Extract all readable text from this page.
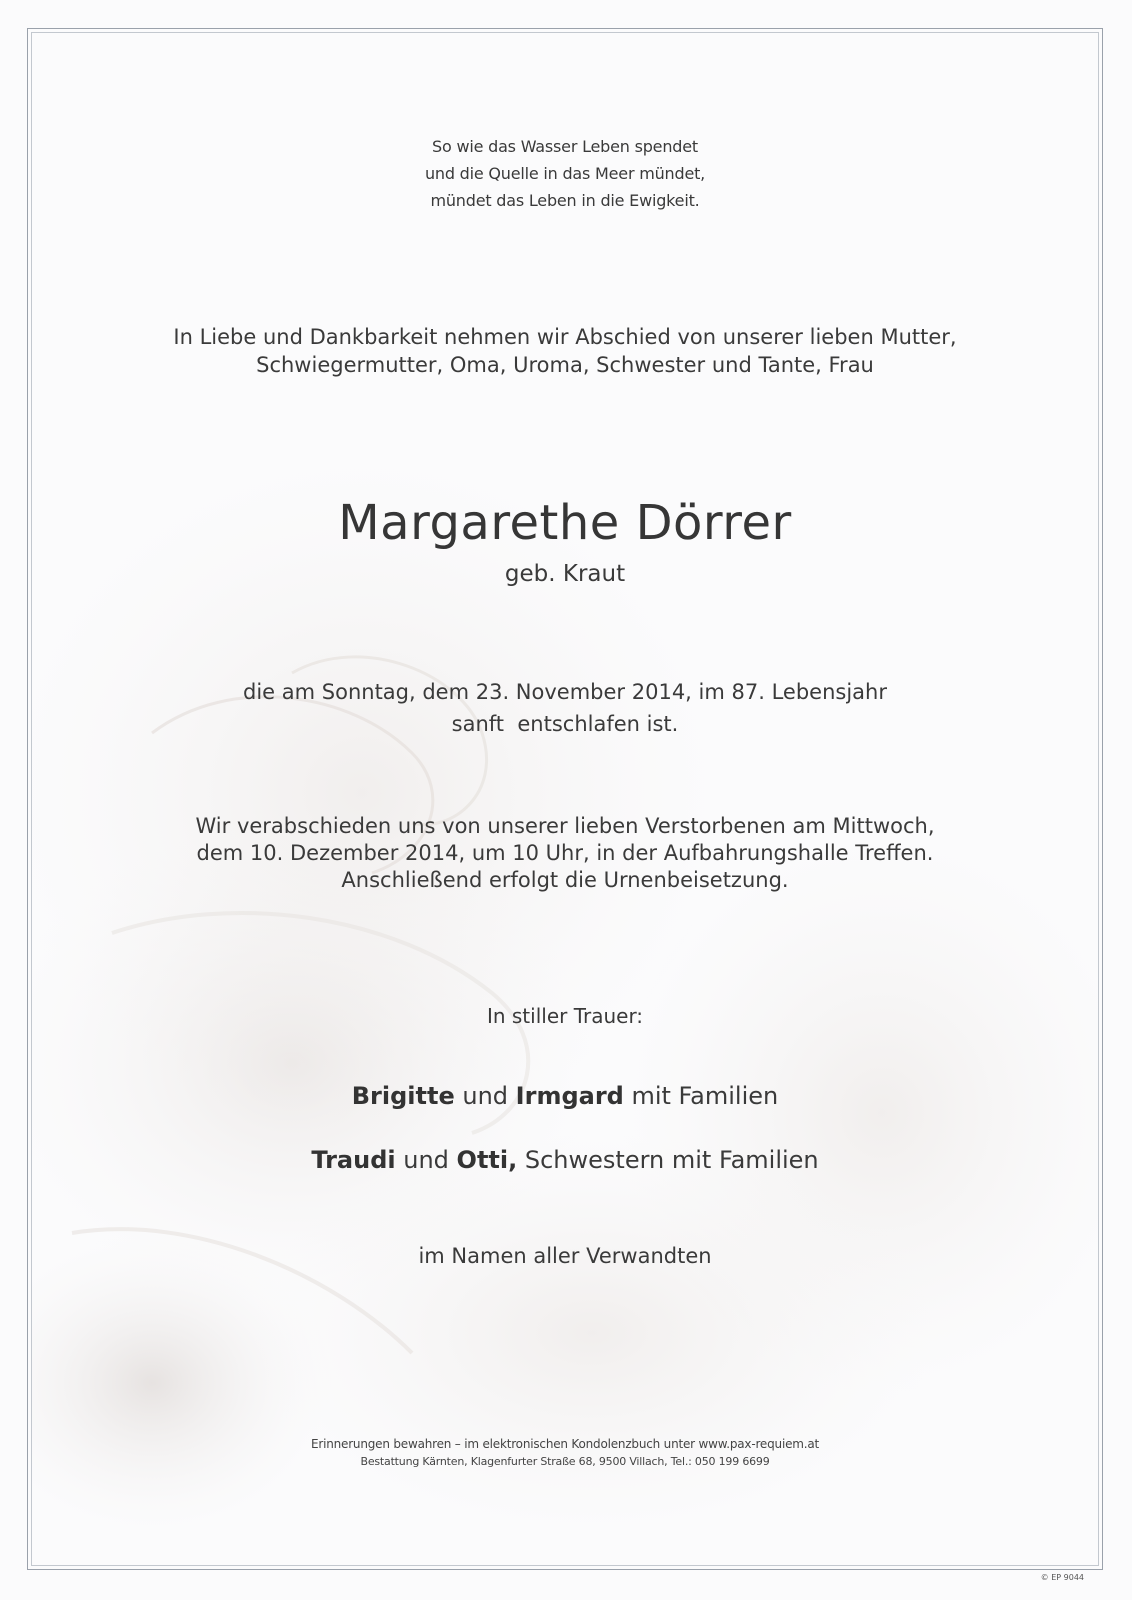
So wie das Wasser Leben spendet
und die Quelle in das Meer mündet,
mündet das Leben in die Ewigkeit.
In Liebe und Dankbarkeit nehmen wir Abschied von unserer lieben Mutter,
Schwiegermutter, Oma, Uroma, Schwester und Tante, Frau
Margarethe Dörrer
geb. Kraut
die am Sonntag, dem 23. November 2014, im 87. Lebensjahr
sanft  entschlafen ist.
Wir verabschieden uns von unserer lieben Verstorbenen am Mittwoch,
dem 10. Dezember 2014, um 10 Uhr, in der Aufbahrungshalle Treffen.
Anschließend erfolgt die Urnenbeisetzung.
In stiller Trauer:
Brigitte und Irmgard mit Familien
Traudi und Otti, Schwestern mit Familien
im Namen aller Verwandten
Erinnerungen bewahren – im elektronischen Kondolenzbuch unter www.pax-requiem.at
Bestattung Kärnten, Klagenfurter Straße 68, 9500 Villach, Tel.: 050 199 6699
© EP 9044
